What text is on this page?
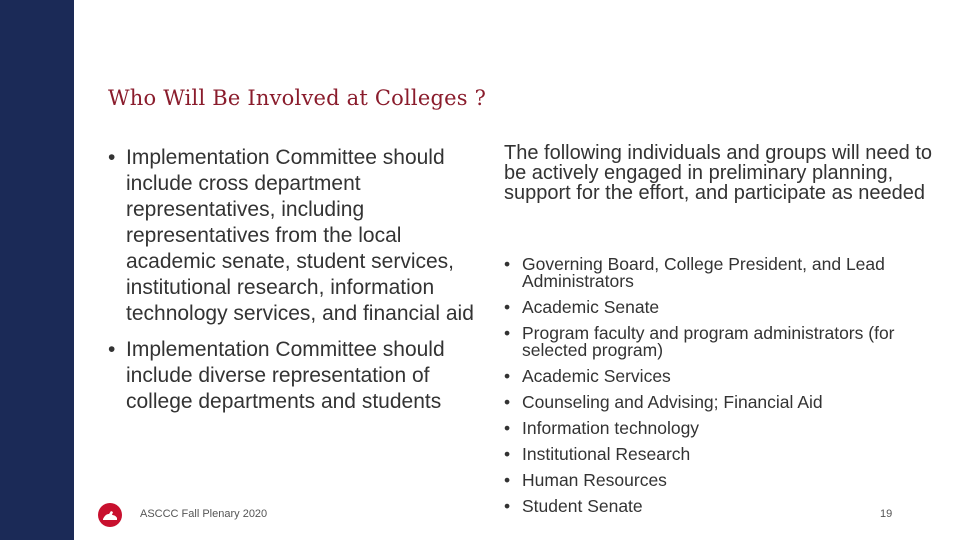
Who Will Be Involved at Colleges ?
• Implementation Committee should include cross department representatives, including representatives from the local academic senate, student services, institutional research, information technology services, and financial aid
• Implementation Committee should include diverse representation of college departments and students
The following individuals and groups will need to be actively engaged in preliminary planning, support for the effort, and participate as needed
• Governing Board, College President, and Lead Administrators
• Academic Senate
• Program faculty and program administrators (for selected program)
• Academic Services
• Counseling and Advising; Financial Aid
• Information technology
• Institutional Research
• Human Resources
• Student Senate
ASCCC Fall Plenary 2020	19
